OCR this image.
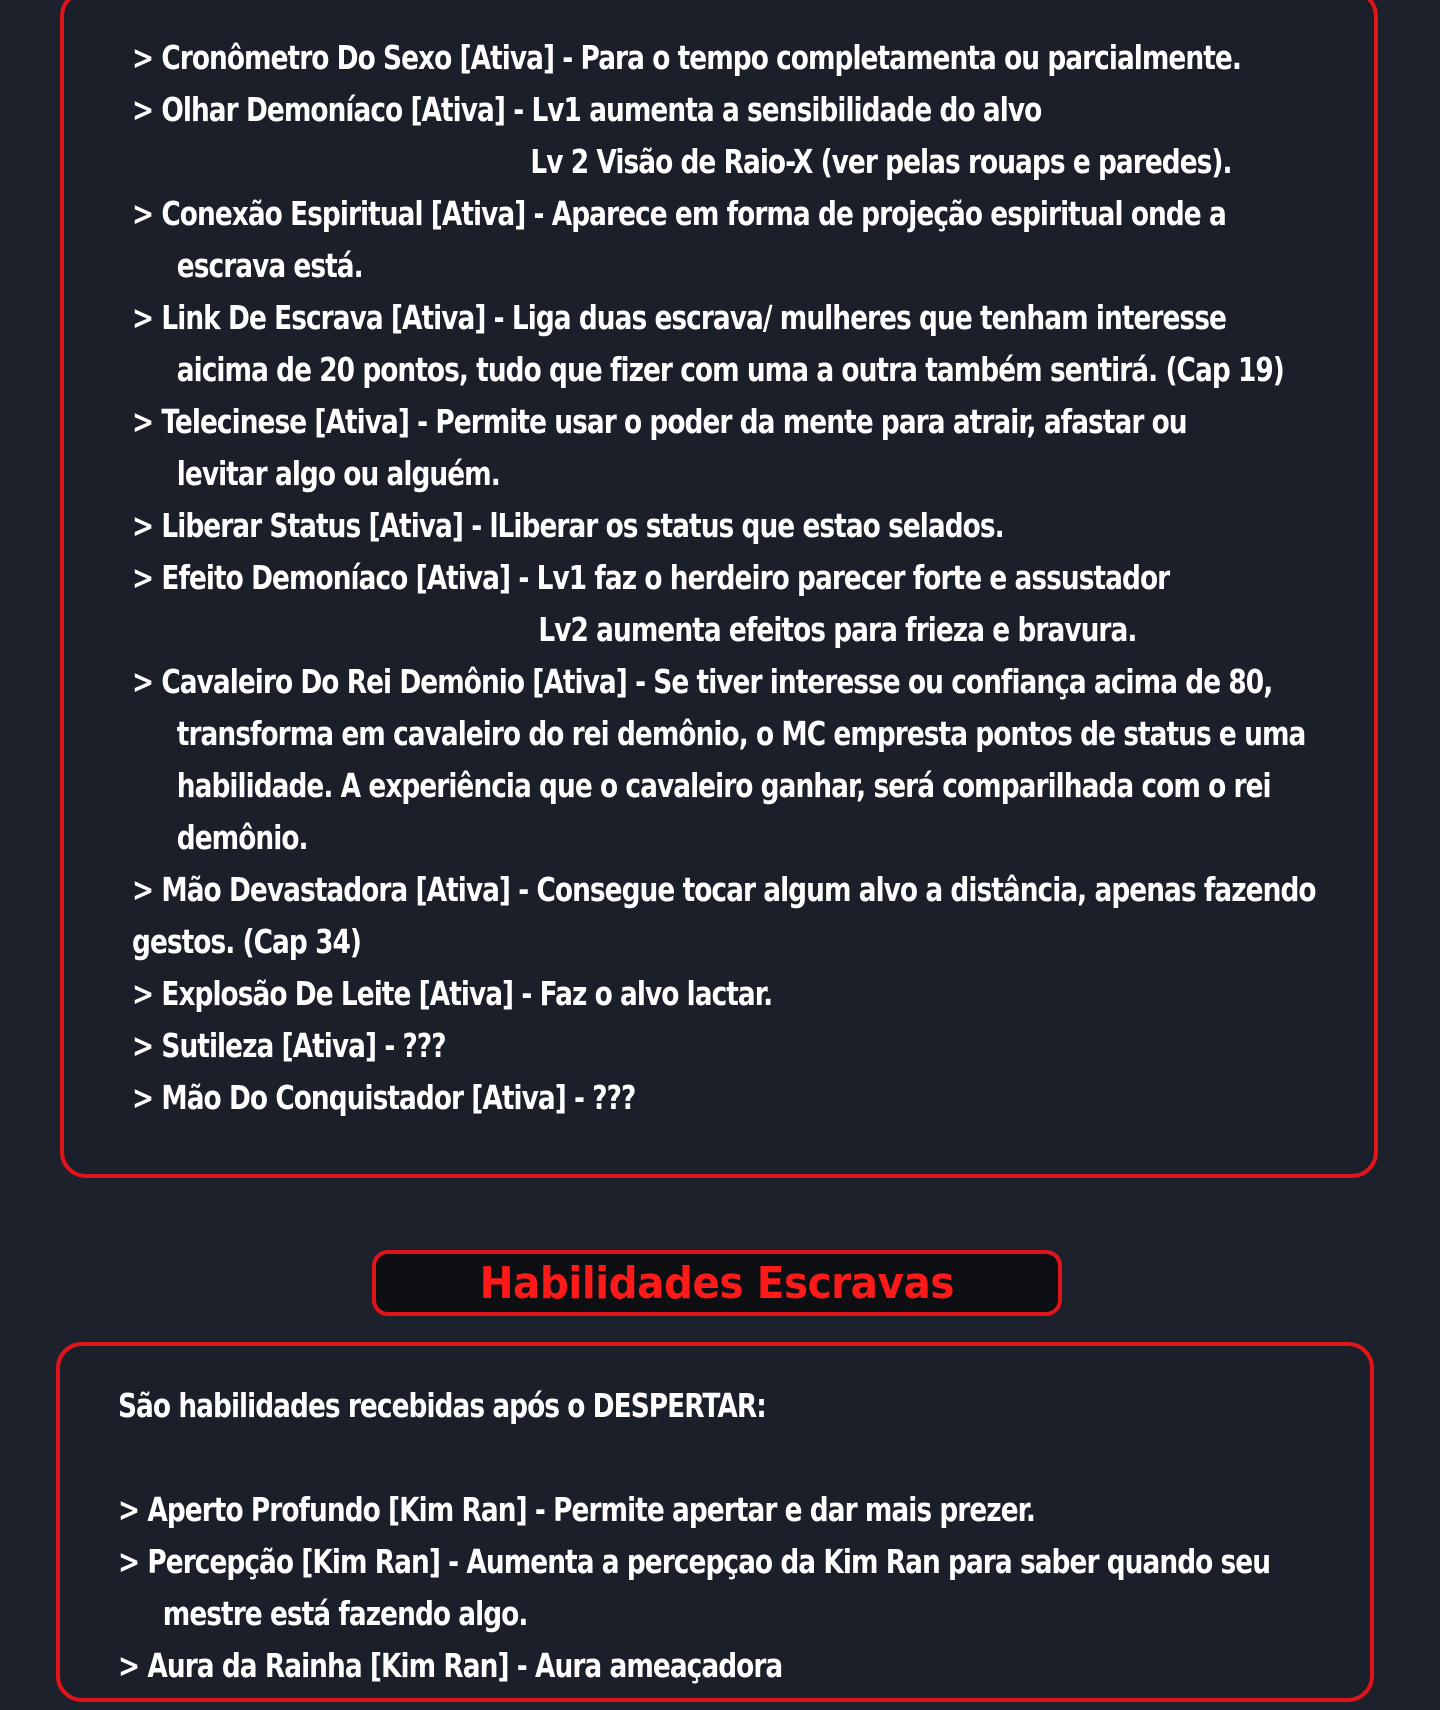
> Cronômetro Do Sexo [Ativa] - Para o tempo completamenta ou parcialmente.
> Olhar Demoníaco [Ativa] - Lv1 aumenta a sensibilidade do alvo
Lv 2 Visão de Raio-X (ver pelas rouaps e paredes).
> Conexão Espiritual [Ativa] - Aparece em forma de projeção espiritual onde a
escrava está.
> Link De Escrava [Ativa] - Liga duas escrava/ mulheres que tenham interesse
aicima de 20 pontos, tudo que fizer com uma a outra também sentirá. (Cap 19)
> Telecinese [Ativa] - Permite usar o poder da mente para atrair, afastar ou
levitar algo ou alguém.
> Liberar Status [Ativa] - lLiberar os status que estao selados.
> Efeito Demoníaco [Ativa] - Lv1 faz o herdeiro parecer forte e assustador
Lv2 aumenta efeitos para frieza e bravura.
> Cavaleiro Do Rei Demônio [Ativa] - Se tiver interesse ou confiança acima de 80,
transforma em cavaleiro do rei demônio, o MC empresta pontos de status e uma
habilidade. A experiência que o cavaleiro ganhar, será comparilhada com o rei
demônio.
> Mão Devastadora [Ativa] - Consegue tocar algum alvo a distância, apenas fazendo
gestos. (Cap 34)
> Explosão De Leite [Ativa] - Faz o alvo lactar.
> Sutileza [Ativa] - ???
> Mão Do Conquistador [Ativa] - ???
Habilidades Escravas
São habilidades recebidas após o DESPERTAR:
> Aperto Profundo [Kim Ran] - Permite apertar e dar mais prezer.
> Percepção [Kim Ran] - Aumenta a percepçao da Kim Ran para saber quando seu
mestre está fazendo algo.
> Aura da Rainha [Kim Ran] - Aura ameaçadora
